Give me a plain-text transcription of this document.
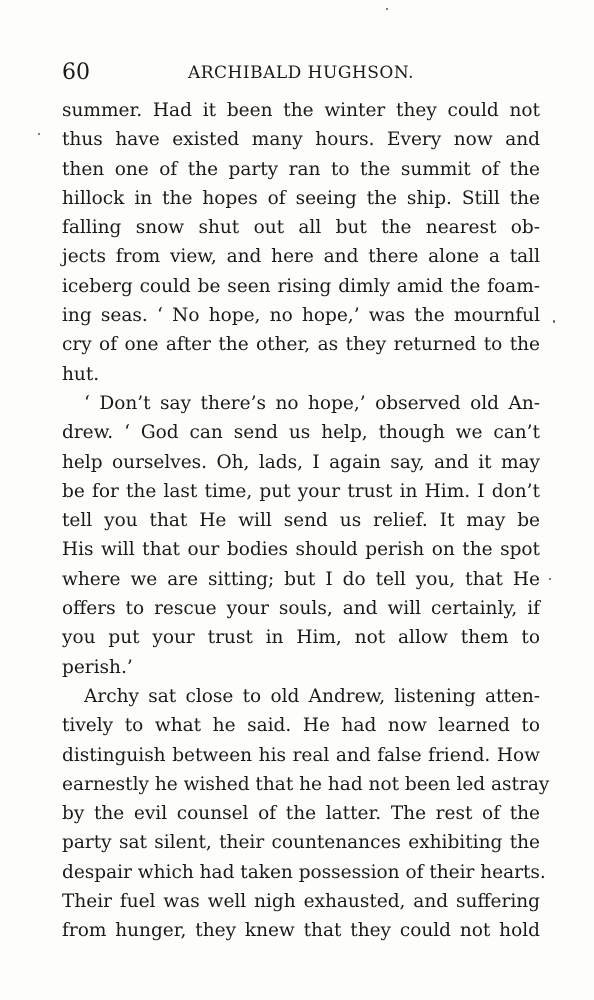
60	ARCHIBALD HUGHSON.
summer. Had it been the winter they could not
thus have existed many hours. Every now and
then one of the party ran to the summit of the
hillock in the hopes of seeing the ship. Still the
falling snow shut out all but the nearest ob-
jects from view, and here and there alone a tall
iceberg could be seen rising dimly amid the foam-
ing seas. ‘ No hope, no hope,’ was the mournful
cry of one after the other, as they returned to the
hut.
‘ Don’t say there’s no hope,’ observed old An-
drew. ‘ God can send us help, though we can’t
help ourselves. Oh, lads, I again say, and it may
be for the last time, put your trust in Him. I don’t
tell you that He will send us relief. It may be
His will that our bodies should perish on the spot
where we are sitting; but I do tell you, that He
offers to rescue your souls, and will certainly, if
you put your trust in Him, not allow them to
perish.’
Archy sat close to old Andrew, listening atten-
tively to what he said. He had now learned to
distinguish between his real and false friend. How
earnestly he wished that he had not been led astray
by the evil counsel of the latter. The rest of the
party sat silent, their countenances exhibiting the
despair which had taken possession of their hearts.
Their fuel was well nigh exhausted, and suffering
from hunger, they knew that they could not hold
